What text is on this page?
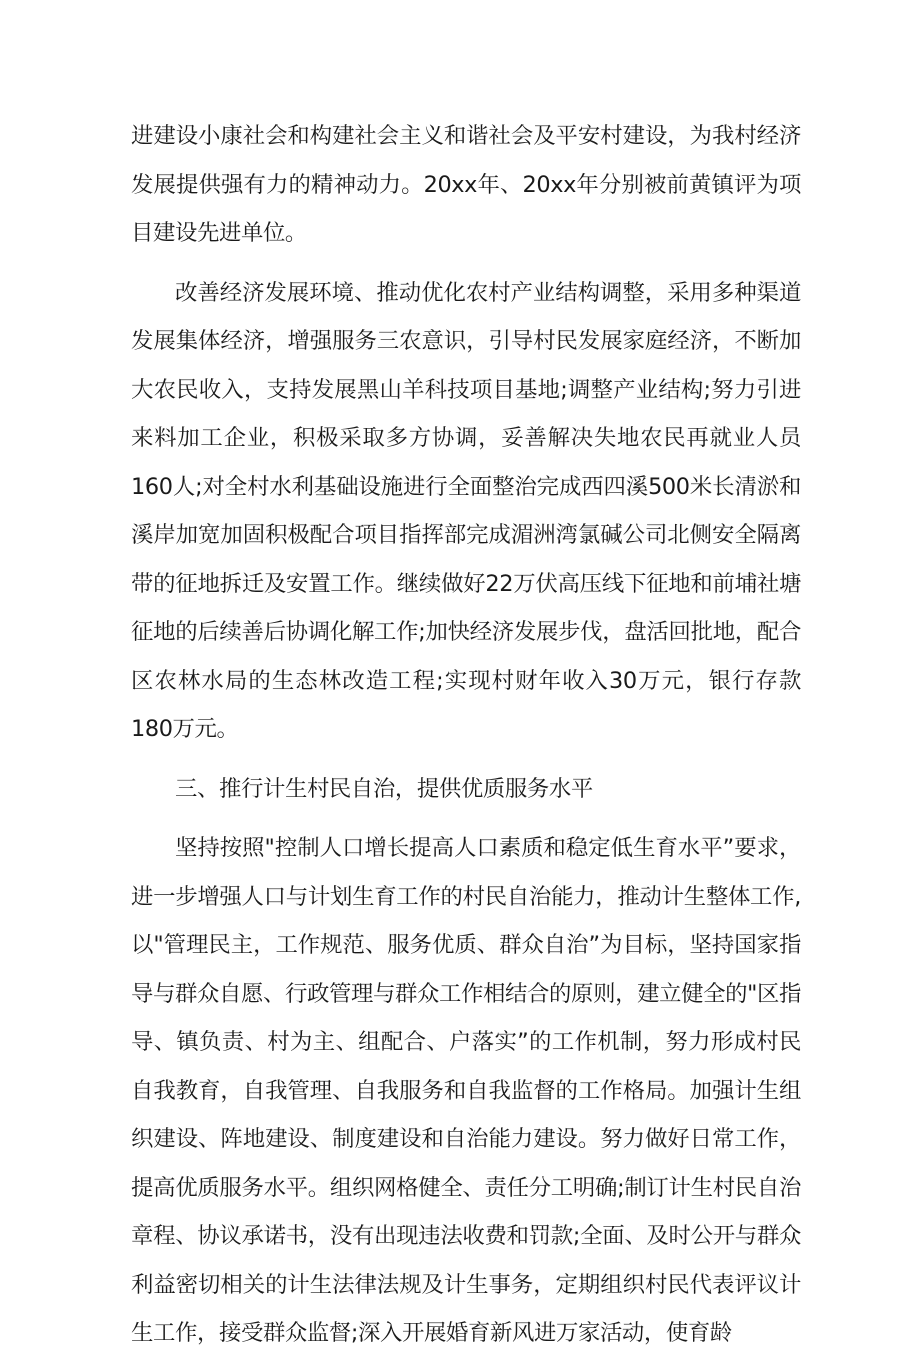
进建设小康社会和构建社会主义和谐社会及平安村建设，为我村经济发展提供强有力的精神动力。20xx年、20xx年分别被前黄镇评为项目建设先进单位。

改善经济发展环境、推动优化农村产业结构调整，采用多种渠道发展集体经济，增强服务三农意识，引导村民发展家庭经济，不断加大农民收入，支持发展黑山羊科技项目基地;调整产业结构;努力引进来料加工企业，积极采取多方协调，妥善解决失地农民再就业人员160人;对全村水利基础设施进行全面整治完成西四溪500米长清淤和溪岸加宽加固积极配合项目指挥部完成湄洲湾氯碱公司北侧安全隔离带的征地拆迁及安置工作。继续做好22万伏高压线下征地和前埔社塘征地的后续善后协调化解工作;加快经济发展步伐，盘活回批地，配合区农林水局的生态林改造工程;实现村财年收入30万元，银行存款180万元。

三、推行计生村民自治，提供优质服务水平

坚持按照"控制人口增长提高人口素质和稳定低生育水平”要求，进一步增强人口与计划生育工作的村民自治能力，推动计生整体工作,以"管理民主，工作规范、服务优质、群众自治”为目标，坚持国家指导与群众自愿、行政管理与群众工作相结合的原则，建立健全的"区指导、镇负责、村为主、组配合、户落实”的工作机制，努力形成村民自我教育，自我管理、自我服务和自我监督的工作格局。加强计生组织建设、阵地建设、制度建设和自治能力建设。努力做好日常工作，提高优质服务水平。组织网格健全、责任分工明确;制订计生村民自治章程、协议承诺书，没有出现违法收费和罚款;全面、及时公开与群众利益密切相关的计生法律法规及计生事务，定期组织村民代表评议计生工作，接受群众监督;深入开展婚育新风进万家活动，使育龄
